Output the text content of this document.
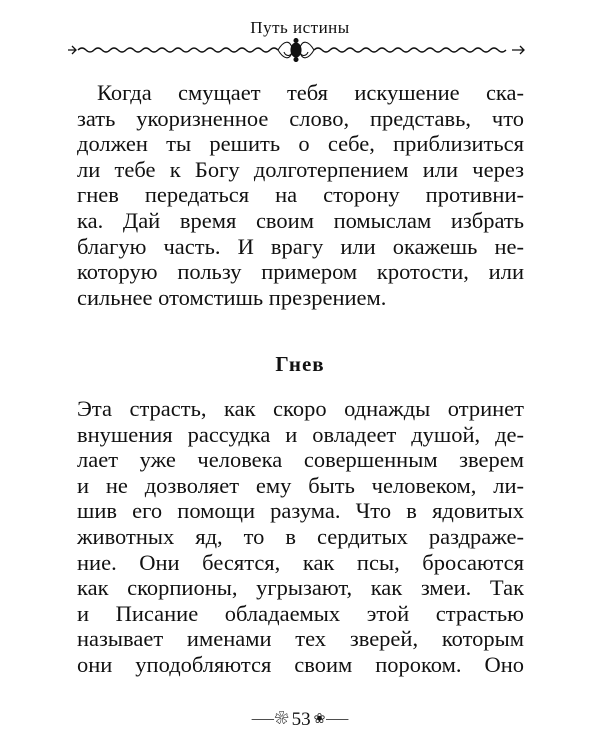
Путь истины
Когда смущает тебя искушение ска-
зать укоризненное слово, представь, что
должен ты решить о себе, приблизиться
ли тебе к Богу долготерпением или через
гнев передаться на сторону противни-
ка. Дай время своим помыслам избрать
благую часть. И врагу или окажешь не-
которую пользу примером кротости, или
сильнее отомстишь презрением.
Гнев
Эта страсть, как скоро однажды отринет
внушения рассудка и овладеет душой, де-
лает уже человека совершенным зверем
и не дозволяет ему быть человеком, ли-
шив его помощи разума. Что в ядовитых
животных яд, то в сердитых раздраже-
ние. Они бесятся, как псы, бросаются
как скорпионы, угрызают, как змеи. Так
и Писание обладаемых этой страстью
называет именами тех зверей, которым
они уподобляются своим пороком. Оно
⸺❀ 53 ❀⸺
